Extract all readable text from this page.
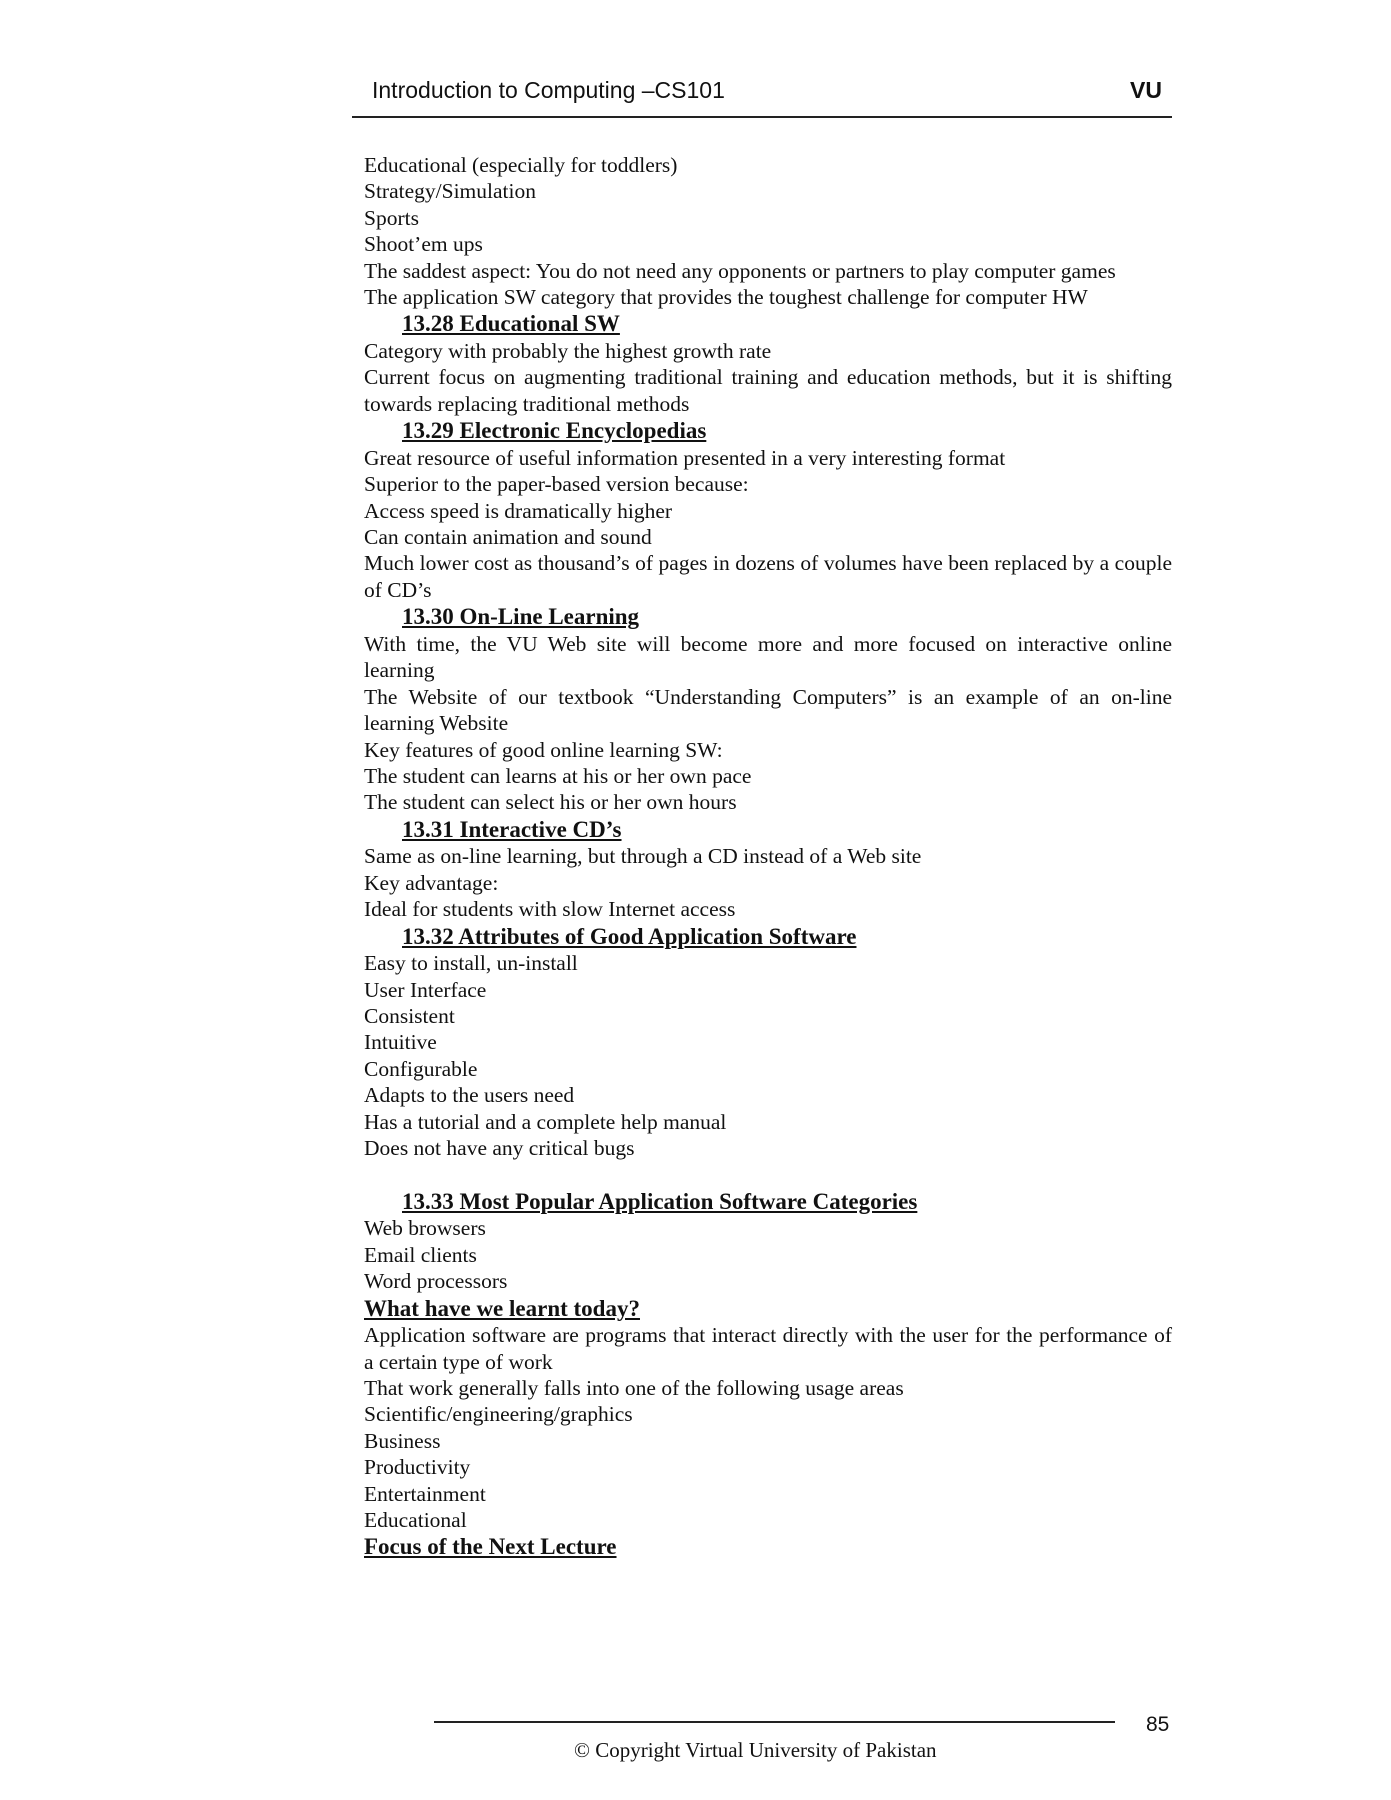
Introduction to Computing –CS101	VU

Educational (especially for toddlers)

Strategy/Simulation

Sports

Shoot’em ups

The saddest aspect: You do not need any opponents or partners to play computer games

The application SW category that provides the toughest challenge for computer HW

13.28 Educational SW

Category with probably the highest growth rate

Current focus on augmenting traditional training and education methods, but it is shifting towards replacing traditional methods

13.29 Electronic Encyclopedias

Great resource of useful information presented in a very interesting format

Superior to the paper-based version because:

Access speed is dramatically higher

Can contain animation and sound

Much lower cost as thousand’s of pages in dozens of volumes have been replaced by a couple of CD’s

13.30 On-Line Learning

With time, the VU Web site will become more and more focused on interactive online learning

The Website of our textbook “Understanding Computers” is an example of an on-line learning Website

Key features of good online learning SW:

The student can learns at his or her own pace

The student can select his or her own hours

13.31 Interactive CD’s

Same as on-line learning, but through a CD instead of a Web site

Key advantage:

Ideal for students with slow Internet access

13.32 Attributes of Good Application Software

Easy to install, un-install

User Interface

Consistent

Intuitive

Configurable

Adapts to the users need

Has a tutorial and a complete help manual

Does not have any critical bugs

13.33 Most Popular Application Software Categories

Web browsers

Email clients

Word processors

What have we learnt today?

Application software are programs that interact directly with the user for the performance of a certain type of work

That work generally falls into one of the following usage areas

Scientific/engineering/graphics

Business

Productivity

Entertainment

Educational

Focus of the Next Lecture
85
© Copyright Virtual University of Pakistan
